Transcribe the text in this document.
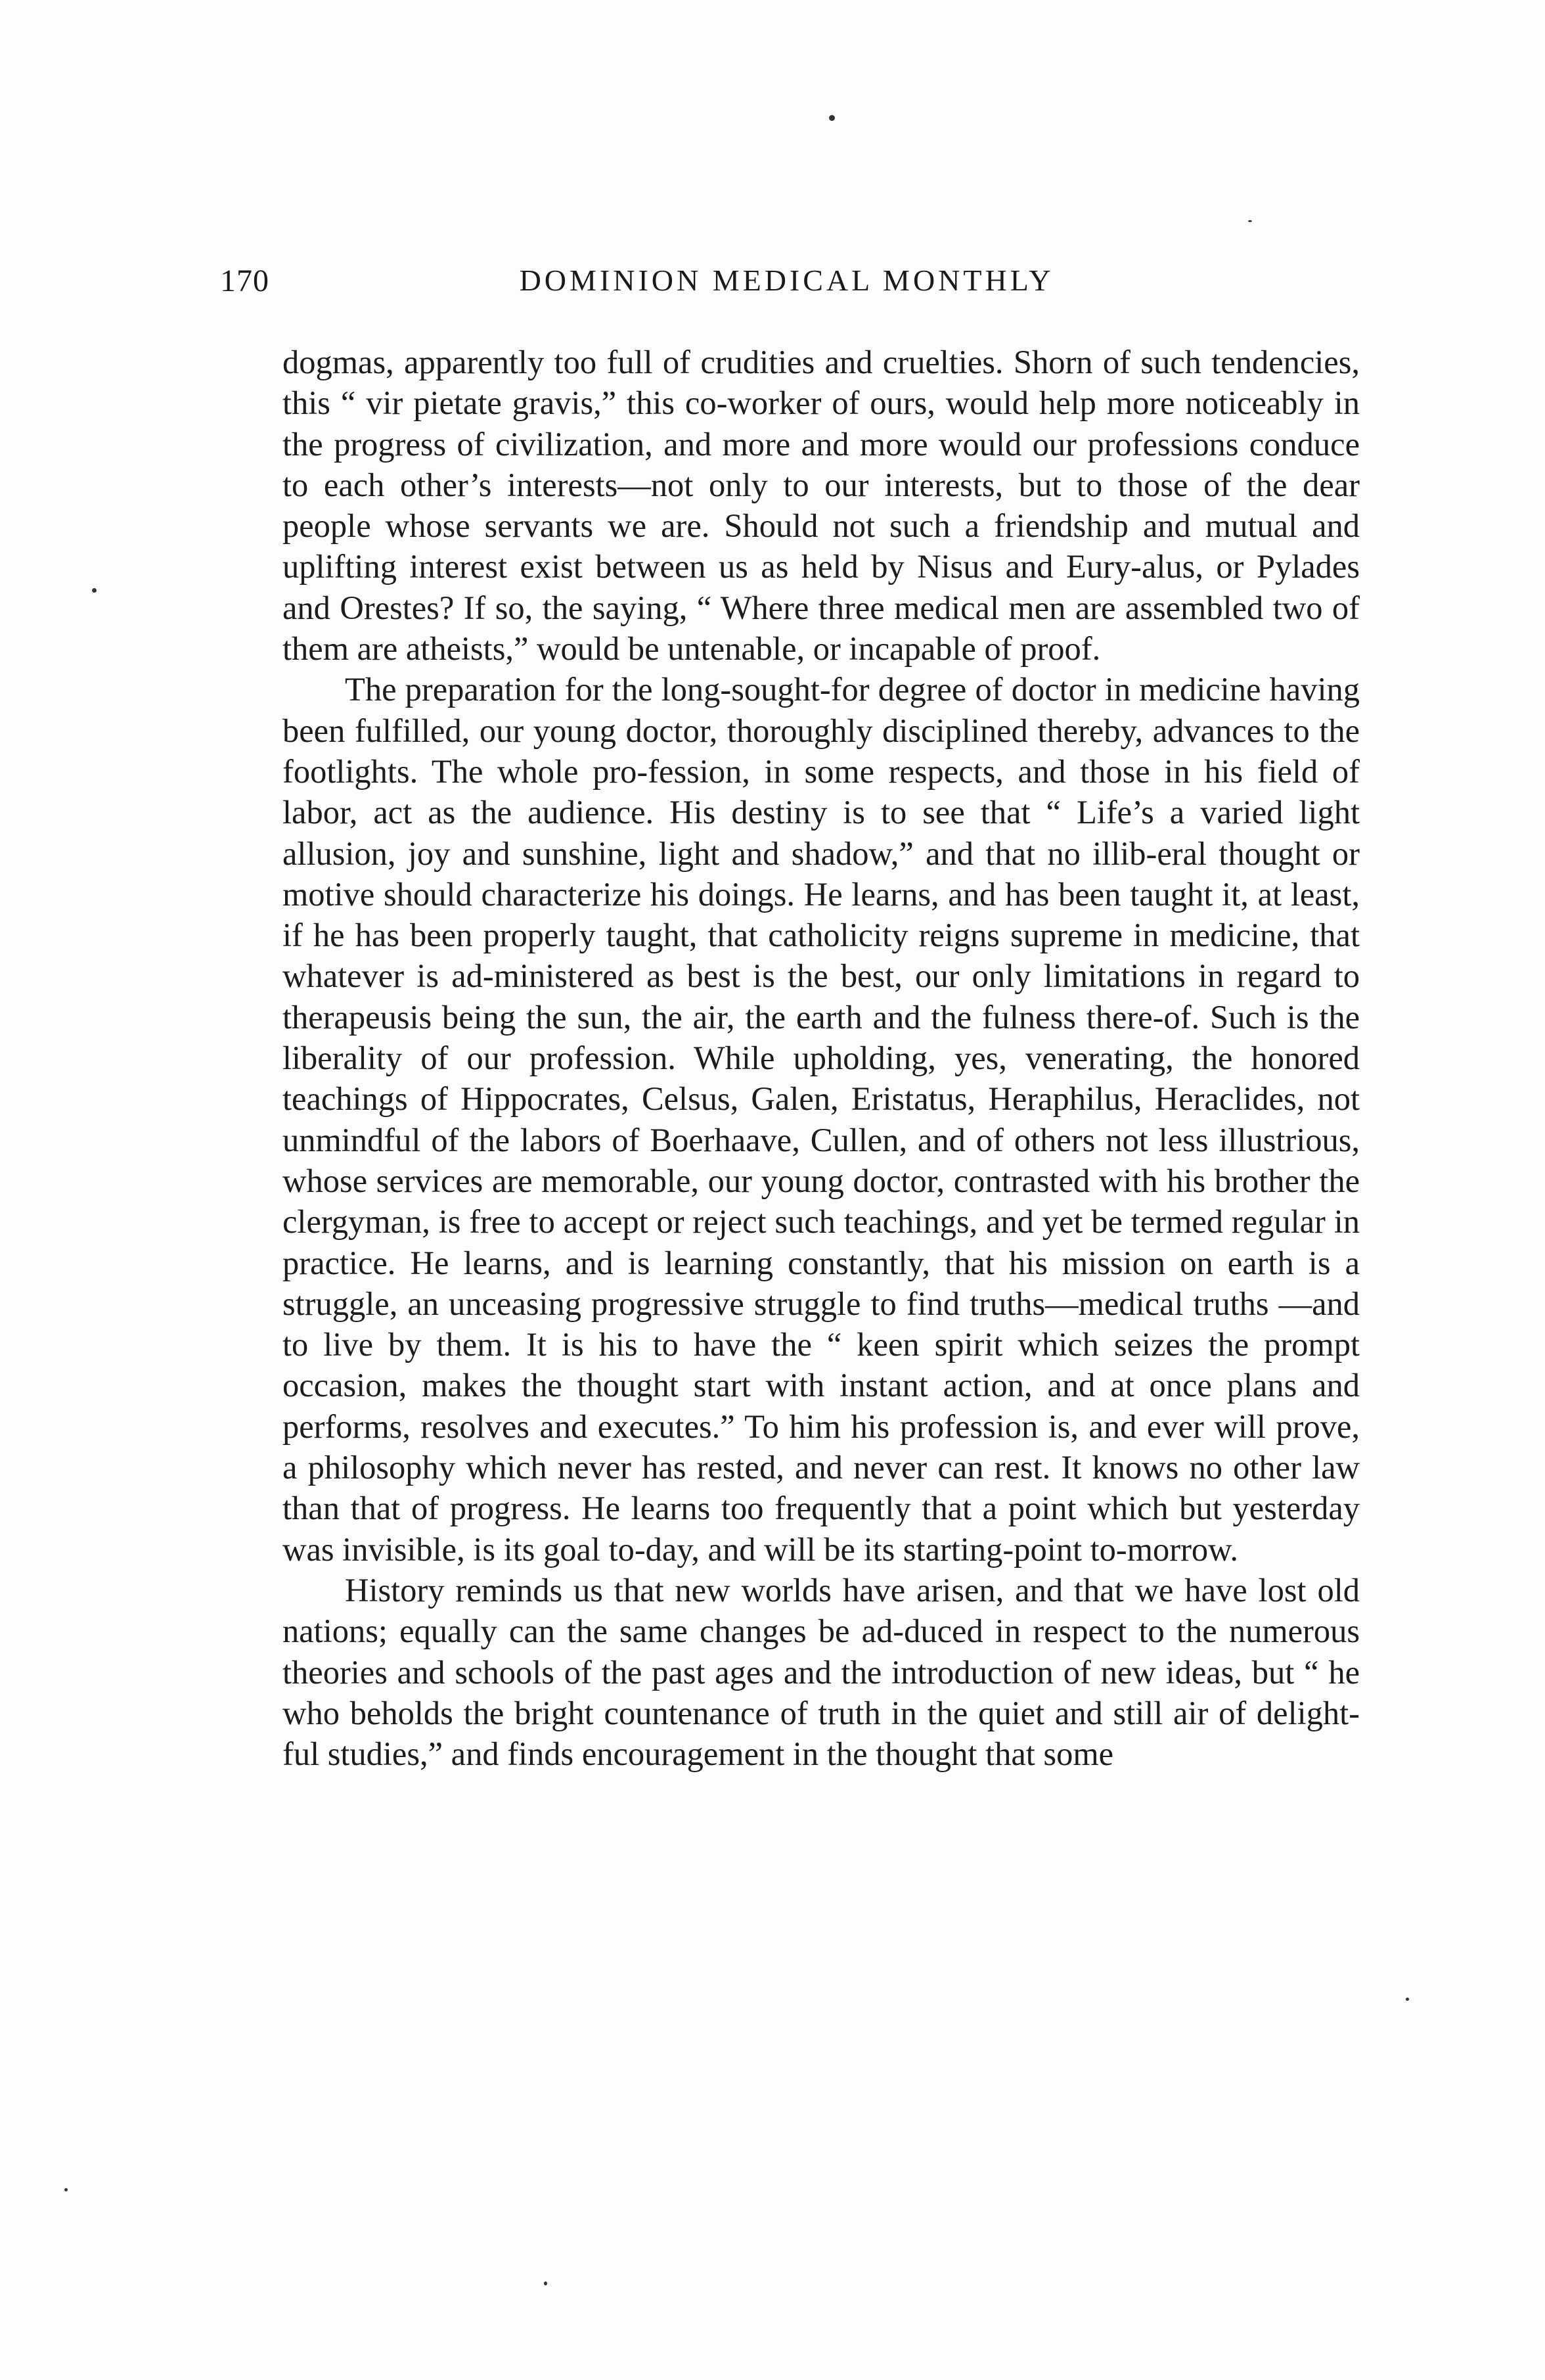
170	DOMINION MEDICAL MONTHLY

dogmas, apparently too full of crudities and cruelties. Shorn of such tendencies, this “ vir pietate gravis,” this co-worker of ours, would help more noticeably in the progress of civilization, and more and more would our professions conduce to each other’s interests—not only to our interests, but to those of the dear people whose servants we are. Should not such a friendship and mutual and uplifting interest exist between us as held by Nisus and Eury-alus, or Pylades and Orestes? If so, the saying, “ Where three medical men are assembled two of them are atheists,” would be untenable, or incapable of proof.

The preparation for the long-sought-for degree of doctor in medicine having been fulfilled, our young doctor, thoroughly disciplined thereby, advances to the footlights. The whole pro-fession, in some respects, and those in his field of labor, act as the audience. His destiny is to see that “ Life’s a varied light allusion, joy and sunshine, light and shadow,” and that no illib-eral thought or motive should characterize his doings. He learns, and has been taught it, at least, if he has been properly taught, that catholicity reigns supreme in medicine, that whatever is ad-ministered as best is the best, our only limitations in regard to therapeusis being the sun, the air, the earth and the fulness there-of. Such is the liberality of our profession. While upholding, yes, venerating, the honored teachings of Hippocrates, Celsus, Galen, Eristatus, Heraphilus, Heraclides, not unmindful of the labors of Boerhaave, Cullen, and of others not less illustrious, whose services are memorable, our young doctor, contrasted with his brother the clergyman, is free to accept or reject such teachings, and yet be termed regular in practice. He learns, and is learning constantly, that his mission on earth is a struggle, an unceasing progressive struggle to find truths—medical truths —and to live by them. It is his to have the “ keen spirit which seizes the prompt occasion, makes the thought start with instant action, and at once plans and performs, resolves and executes.” To him his profession is, and ever will prove, a philosophy which never has rested, and never can rest. It knows no other law than that of progress. He learns too frequently that a point which but yesterday was invisible, is its goal to-day, and will be its starting-point to-morrow.

History reminds us that new worlds have arisen, and that we have lost old nations; equally can the same changes be ad-duced in respect to the numerous theories and schools of the past ages and the introduction of new ideas, but “ he who beholds the bright countenance of truth in the quiet and still air of delight-ful studies,” and finds encouragement in the thought that some
